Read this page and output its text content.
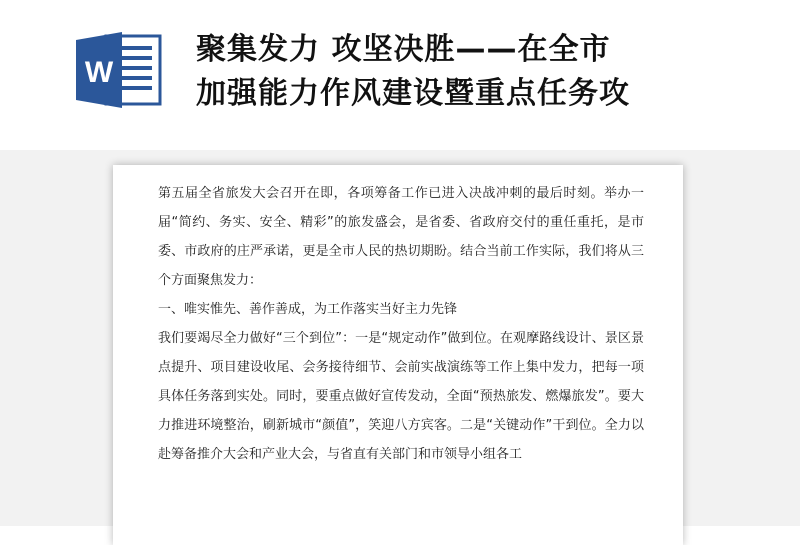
W
聚集发力 攻坚决胜——在全市
加强能力作风建设暨重点任务攻

第五届全省旅发大会召开在即，各项筹备工作已进入决战冲刺的最后时刻。举办一届“简约、务实、安全、精彩”的旅发盛会，是省委、省政府交付的重任重托，是市委、市政府的庄严承诺，更是全市人民的热切期盼。结合当前工作实际，我们将从三个方面聚焦发力：

一、唯实惟先、善作善成，为工作落实当好主力先锋

我们要竭尽全力做好“三个到位”：一是“规定动作”做到位。在观摩路线设计、景区景点提升、项目建设收尾、会务接待细节、会前实战演练等工作上集中发力，把每一项具体任务落到实处。同时，要重点做好宣传发动，全面“预热旅发、燃爆旅发”。要大力推进环境整治，刷新城市“颜值”，笑迎八方宾客。二是“关键动作”干到位。全力以赴筹备推介大会和产业大会，与省直有关部门和市领导小组各工
